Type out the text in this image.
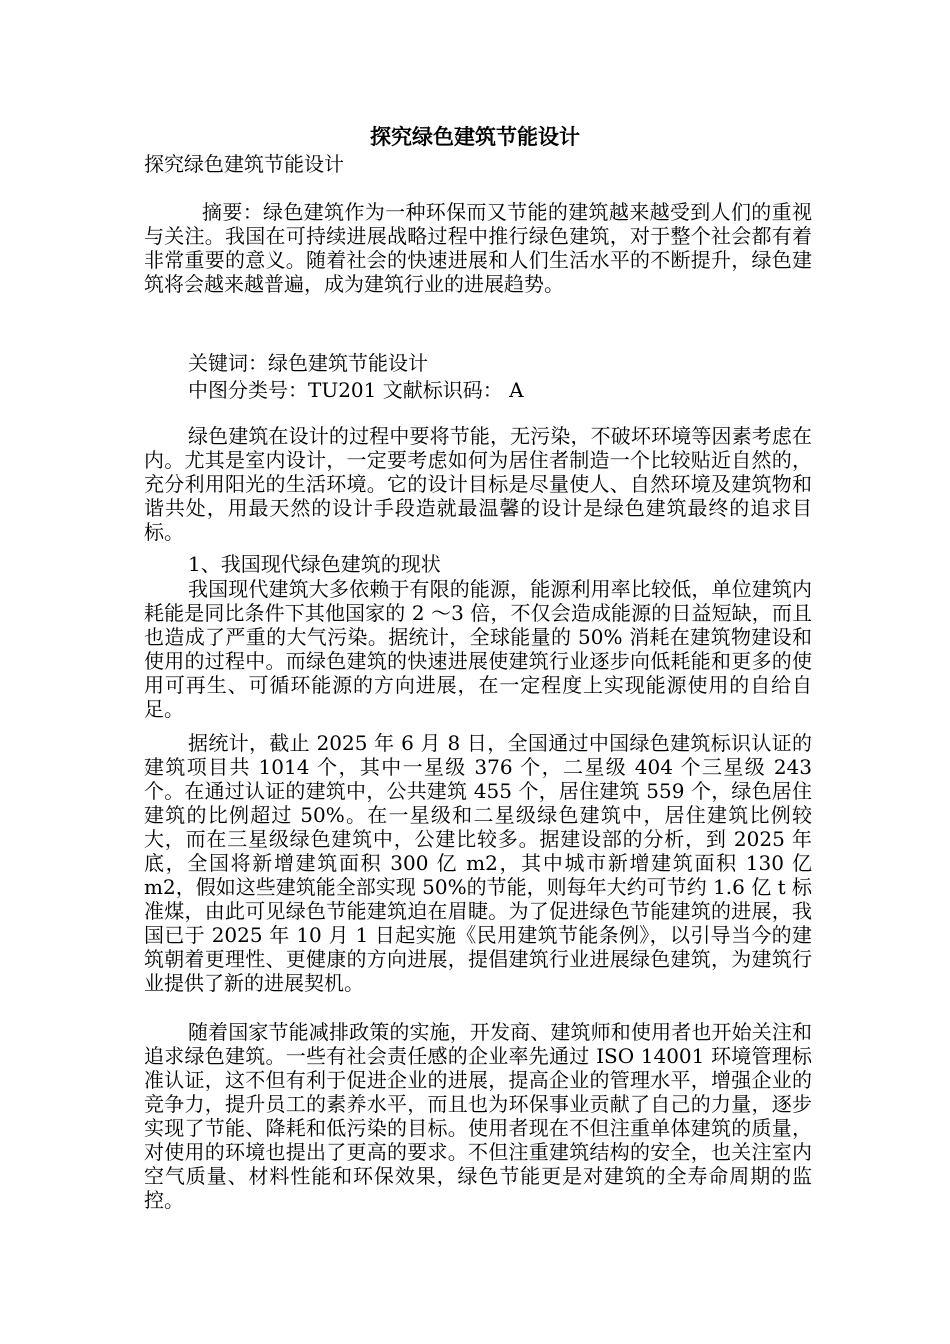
探究绿色建筑节能设计
探究绿色建筑节能设计
摘要：绿色建筑作为一种环保而又节能的建筑越来越受到人们的重视与关注。我国在可持续进展战略过程中推行绿色建筑，对于整个社会都有着非常重要的意义。随着社会的快速进展和人们生活水平的不断提升，绿色建筑将会越来越普遍，成为建筑行业的进展趋势。
关键词：绿色建筑节能设计
中图分类号：TU201 文献标识码： A
绿色建筑在设计的过程中要将节能，无污染，不破坏环境等因素考虑在内。尤其是室内设计，一定要考虑如何为居住者制造一个比较贴近自然的，充分利用阳光的生活环境。它的设计目标是尽量使人、自然环境及建筑物和谐共处，用最天然的设计手段造就最温馨的设计是绿色建筑最终的追求目标。
1、我国现代绿色建筑的现状
我国现代建筑大多依赖于有限的能源，能源利用率比较低，单位建筑内耗能是同比条件下其他国家的 2 ～3 倍，不仅会造成能源的日益短缺，而且也造成了严重的大气污染。据统计，全球能量的 50% 消耗在建筑物建设和使用的过程中。而绿色建筑的快速进展使建筑行业逐步向低耗能和更多的使用可再生、可循环能源的方向进展，在一定程度上实现能源使用的自给自足。
据统计，截止 2025 年 6 月 8 日，全国通过中国绿色建筑标识认证的建筑项目共 1014 个，其中一星级 376 个，二星级 404 个三星级 243 个。在通过认证的建筑中，公共建筑 455 个，居住建筑 559 个，绿色居住建筑的比例超过 50%。在一星级和二星级绿色建筑中，居住建筑比例较大，而在三星级绿色建筑中，公建比较多。据建设部的分析，到 2025 年底，全国将新增建筑面积 300 亿 m2，其中城市新增建筑面积 130 亿 m2，假如这些建筑能全部实现 50%的节能，则每年大约可节约 1.6 亿 t 标准煤，由此可见绿色节能建筑迫在眉睫。为了促进绿色节能建筑的进展，我国已于 2025 年 10 月 1 日起实施《民用建筑节能条例》，以引导当今的建筑朝着更理性、更健康的方向进展，提倡建筑行业进展绿色建筑，为建筑行业提供了新的进展契机。
随着国家节能减排政策的实施，开发商、建筑师和使用者也开始关注和追求绿色建筑。一些有社会责任感的企业率先通过 ISO 14001 环境管理标准认证，这不但有利于促进企业的进展，提高企业的管理水平，增强企业的竞争力，提升员工的素养水平，而且也为环保事业贡献了自己的力量，逐步实现了节能、降耗和低污染的目标。使用者现在不但注重单体建筑的质量，对使用的环境也提出了更高的要求。不但注重建筑结构的安全，也关注室内空气质量、材料性能和环保效果，绿色节能更是对建筑的全寿命周期的监控。
